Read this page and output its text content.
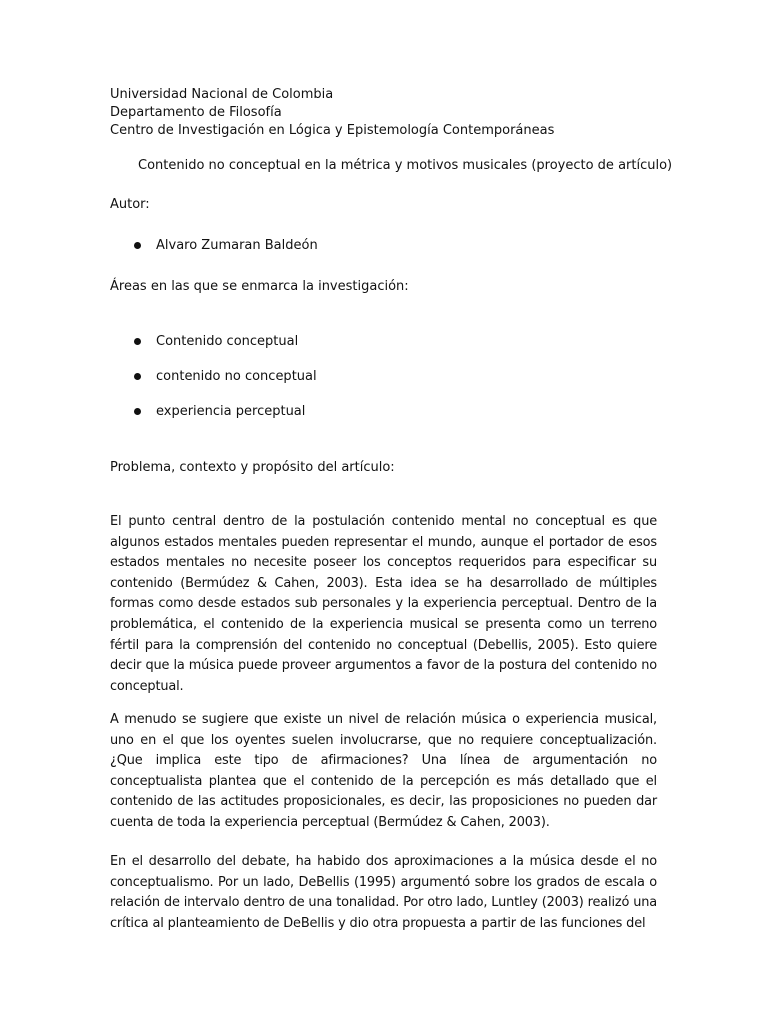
Universidad Nacional de Colombia
Departamento de Filosofía
Centro de Investigación en Lógica y Epistemología Contemporáneas
Contenido no conceptual en la métrica y motivos musicales (proyecto de artículo)
Autor:
Alvaro Zumaran Baldeón
Áreas en las que se enmarca la investigación:
Contenido conceptual
contenido no conceptual
experiencia perceptual
Problema, contexto y propósito del artículo:

El punto central dentro de la postulación contenido mental no conceptual es que algunos estados mentales pueden representar el mundo, aunque el portador de esos estados mentales no necesite poseer los conceptos requeridos para especificar su contenido (Bermúdez & Cahen, 2003). Esta idea se ha desarrollado de múltiples formas como desde estados sub personales y la experiencia perceptual. Dentro de la problemática, el contenido de la experiencia musical se presenta como un terreno fértil para la comprensión del contenido no conceptual (Debellis, 2005). Esto quiere decir que la música puede proveer argumentos a favor de la postura del contenido no conceptual.

A menudo se sugiere que existe un nivel de relación música o experiencia musical, uno en el que los oyentes suelen involucrarse, que no requiere conceptualización. ¿Que implica este tipo de afirmaciones? Una línea de argumentación no conceptualista plantea que el contenido de la percepción es más detallado que el contenido de las actitudes proposicionales, es decir, las proposiciones no pueden dar cuenta de toda la experiencia perceptual (Bermúdez & Cahen, 2003).

En el desarrollo del debate, ha habido dos aproximaciones a la música desde el no conceptualismo. Por un lado, DeBellis (1995) argumentó sobre los grados de escala o relación de intervalo dentro de una tonalidad. Por otro lado, Luntley (2003) realizó una crítica al planteamiento de DeBellis y dio otra propuesta a partir de las funciones del
